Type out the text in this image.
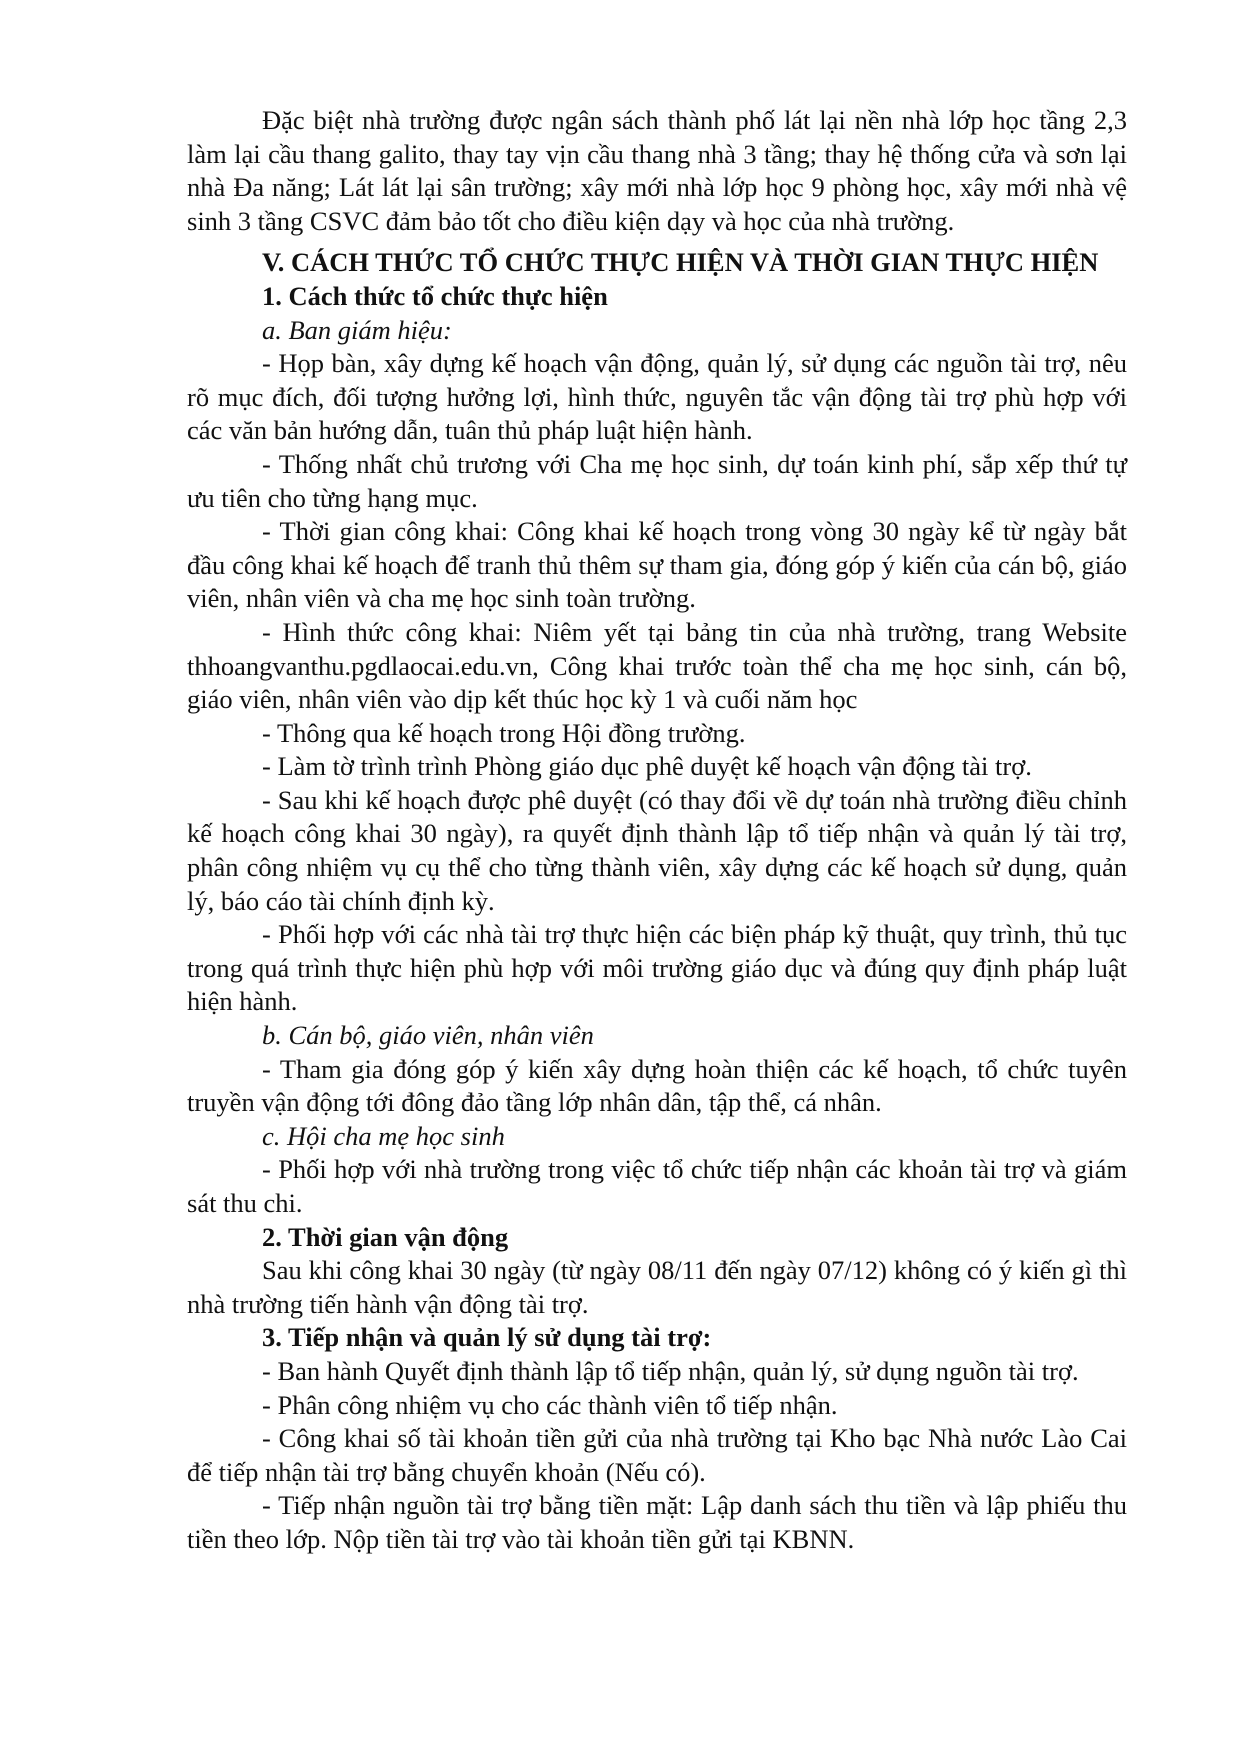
Đặc biệt nhà trường được ngân sách thành phố lát lại nền nhà lớp học tầng 2,3 làm lại cầu thang galito, thay tay vịn cầu thang nhà 3 tầng; thay hệ thống cửa và sơn lại nhà Đa năng; Lát lát lại sân trường; xây mới nhà lớp học 9 phòng học, xây mới nhà vệ sinh 3 tầng CSVC đảm bảo tốt cho điều kiện dạy và học của nhà trường.

V. CÁCH THỨC TỔ CHỨC THỰC HIỆN VÀ THỜI GIAN THỰC HIỆN

1. Cách thức tổ chức thực hiện

a. Ban giám hiệu:

- Họp bàn, xây dựng kế hoạch vận động, quản lý, sử dụng các nguồn tài trợ, nêu rõ mục đích, đối tượng hưởng lợi, hình thức, nguyên tắc vận động tài trợ phù hợp với các văn bản hướng dẫn, tuân thủ pháp luật hiện hành.

- Thống nhất chủ trương với Cha mẹ học sinh, dự toán kinh phí, sắp xếp thứ tự ưu tiên cho từng hạng mục.

- Thời gian công khai: Công khai kế hoạch trong vòng 30 ngày kể từ ngày bắt đầu công khai kế hoạch để tranh thủ thêm sự tham gia, đóng góp ý kiến của cán bộ, giáo viên, nhân viên và cha mẹ học sinh toàn trường.

- Hình thức công khai: Niêm yết tại bảng tin của nhà trường, trang Website thhoangvanthu.pgdlaocai.edu.vn, Công khai trước toàn thể cha mẹ học sinh, cán bộ, giáo viên, nhân viên vào dịp kết thúc học kỳ 1 và cuối năm học

- Thông qua kế hoạch trong Hội đồng trường.

- Làm tờ trình trình Phòng giáo dục phê duyệt kế hoạch vận động tài trợ.

- Sau khi kế hoạch được phê duyệt (có thay đổi về dự toán nhà trường điều chỉnh kế hoạch công khai 30 ngày), ra quyết định thành lập tổ tiếp nhận và quản lý tài trợ, phân công nhiệm vụ cụ thể cho từng thành viên, xây dựng các kế hoạch sử dụng, quản lý, báo cáo tài chính định kỳ.

- Phối hợp với các nhà tài trợ thực hiện các biện pháp kỹ thuật, quy trình, thủ tục trong quá trình thực hiện phù hợp với môi trường giáo dục và đúng quy định pháp luật hiện hành.

b. Cán bộ, giáo viên, nhân viên

- Tham gia đóng góp ý kiến xây dựng hoàn thiện các kế hoạch, tổ chức tuyên truyền vận động tới đông đảo tầng lớp nhân dân, tập thể, cá nhân.

c. Hội cha mẹ học sinh

- Phối hợp với nhà trường trong việc tổ chức tiếp nhận các khoản tài trợ và giám sát thu chi.

2. Thời gian vận động

Sau khi công khai 30 ngày (từ ngày 08/11 đến ngày 07/12) không có ý kiến gì thì nhà trường tiến hành vận động tài trợ.

3. Tiếp nhận và quản lý sử dụng tài trợ:

- Ban hành Quyết định thành lập tổ tiếp nhận, quản lý, sử dụng nguồn tài trợ.

- Phân công nhiệm vụ cho các thành viên tổ tiếp nhận.

- Công khai số tài khoản tiền gửi của nhà trường tại Kho bạc Nhà nước Lào Cai để tiếp nhận tài trợ bằng chuyển khoản (Nếu có).

- Tiếp nhận nguồn tài trợ bằng tiền mặt: Lập danh sách thu tiền và lập phiếu thu tiền theo lớp. Nộp tiền tài trợ vào tài khoản tiền gửi tại KBNN.
